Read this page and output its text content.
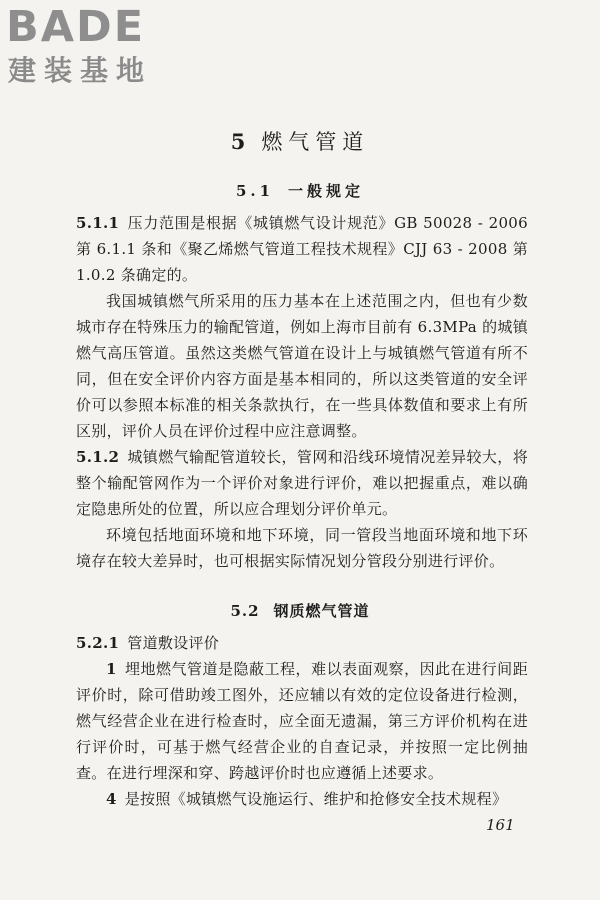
BADE
建装基地
5 燃气管道
5.1 一般规定

5.1.1 压力范围是根据《城镇燃气设计规范》GB 50028 - 2006 第 6.1.1 条和《聚乙烯燃气管道工程技术规程》CJJ 63 - 2008 第 1.0.2 条确定的。

我国城镇燃气所采用的压力基本在上述范围之内，但也有少数城市存在特殊压力的输配管道，例如上海市目前有 6.3MPa 的城镇燃气高压管道。虽然这类燃气管道在设计上与城镇燃气管道有所不同，但在安全评价内容方面是基本相同的，所以这类管道的安全评价可以参照本标准的相关条款执行，在一些具体数值和要求上有所区别，评价人员在评价过程中应注意调整。

5.1.2 城镇燃气输配管道较长，管网和沿线环境情况差异较大，将整个输配管网作为一个评价对象进行评价，难以把握重点，难以确定隐患所处的位置，所以应合理划分评价单元。

环境包括地面环境和地下环境，同一管段当地面环境和地下环境存在较大差异时，也可根据实际情况划分管段分别进行评价。

5.2 钢质燃气管道

5.2.1 管道敷设评价

1 埋地燃气管道是隐蔽工程，难以表面观察，因此在进行间距评价时，除可借助竣工图外，还应辅以有效的定位设备进行检测，燃气经营企业在进行检查时，应全面无遗漏，第三方评价机构在进行评价时，可基于燃气经营企业的自查记录，并按照一定比例抽查。在进行埋深和穿、跨越评价时也应遵循上述要求。

4 是按照《城镇燃气设施运行、维护和抢修安全技术规程》

161
